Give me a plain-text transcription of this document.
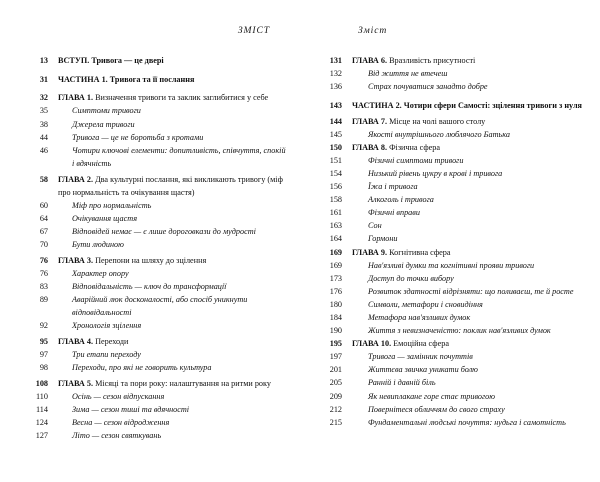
ЗМІСТ
13	ВСТУП. Тривога — це двері
31	ЧАСТИНА 1. Тривога та її послання
32	ГЛАВА 1. Визначення тривоги та заклик заглибитися у себе
35	Симптоми тривоги
38	Джерела тривоги
44	Тривога — це не боротьба з кротами
46	Чотири ключові елементи: допитливість, співчуття, спокій і вдячність
58	ГЛАВА 2. Два культурні послання, які викликають тривогу (міф про нормальність та очікування щастя)
60	Міф про нормальність
64	Очікування щастя
67	Відповідей немає — є лише дороговкази до мудрості
70	Бути людиною
76	ГЛАВА 3. Перепони на шляху до зцілення
76	Характер опору
83	Відповідальність — ключ до трансформації
89	Аварійний люк досконалості, або спосіб уникнути відповідальності
92	Хронологія зцілення
95	ГЛАВА 4. Переходи
97	Три етапи переходу
98	Переходи, про які не говорить культура
108	ГЛАВА 5. Місяці та пори року: налаштування на ритми року
110	Осінь — сезон відпускання
114	Зима — сезон тиші та вдячності
124	Весна — сезон відродження
127	Літо — сезон святкувань
Зміст
131	ГЛАВА 6. Вразливість присутності
132	Від життя не втечеш
136	Страх почуватися занадто добре
143	ЧАСТИНА 2. Чотири сфери Самості: зцілення тривоги з нуля
144	ГЛАВА 7. Місце на чолі вашого столу
145	Якості внутрішнього люблячого Батька
150	ГЛАВА 8. Фізична сфера
151	Фізичні симптоми тривоги
154	Низький рівень цукру в крові і тривога
156	Їжа і тривога
158	Алкоголь і тривога
161	Фізичні вправи
163	Сон
164	Гормони
169	ГЛАВА 9. Когнітивна сфера
169	Нав'язливі думки та когнітивні прояви тривоги
173	Доступ до точки вибору
176	Розвиток здатності відрізняти: що поливаєш, те й росте
180	Символи, метафори і сновидіння
184	Метафора нав'язливих думок
190	Життя з невизначеністю: поклик нав'язливих думок
195	ГЛАВА 10. Емоційна сфера
197	Тривога — замінник почуттів
201	Життєва звичка уникати болю
205	Ранній і давній біль
209	Як невиплакане горе стає тривогою
212	Повернітеся обличчям до свого страху
215	Фундаментальні людські почуття: нудьга і самотність
